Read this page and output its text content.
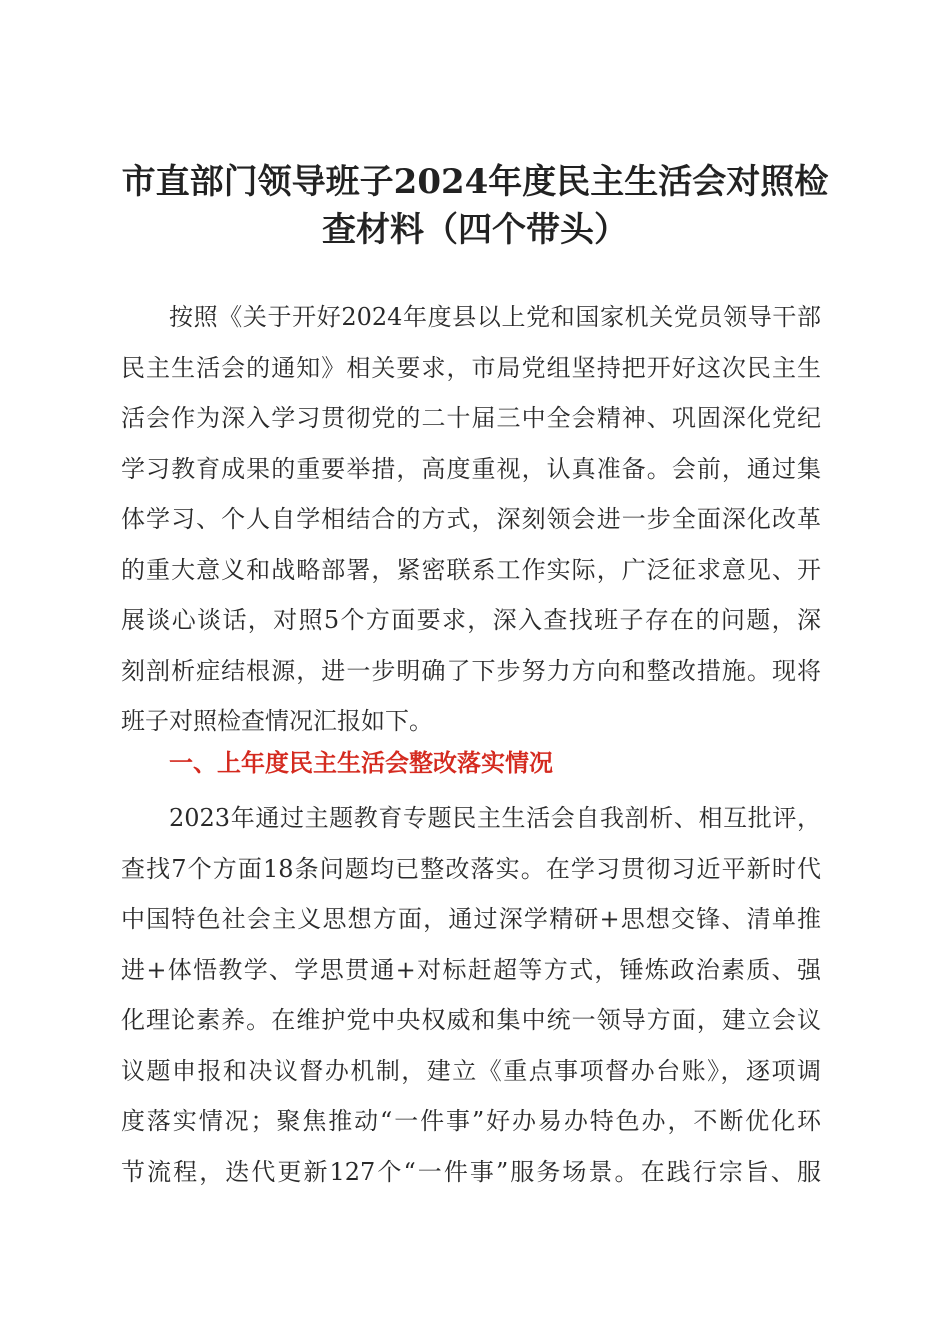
市直部门领导班子2024年度民主生活会对照检
查材料（四个带头）
按照《关于开好2024年度县以上党和国家机关党员领导干部
民主生活会的通知》相关要求，市局党组坚持把开好这次民主生
活会作为深入学习贯彻党的二十届三中全会精神、巩固深化党纪
学习教育成果的重要举措，高度重视，认真准备。会前，通过集
体学习、个人自学相结合的方式，深刻领会进一步全面深化改革
的重大意义和战略部署，紧密联系工作实际，广泛征求意见、开
展谈心谈话，对照5个方面要求，深入查找班子存在的问题，深
刻剖析症结根源，进一步明确了下步努力方向和整改措施。现将
班子对照检查情况汇报如下。
一、上年度民主生活会整改落实情况
2023年通过主题教育专题民主生活会自我剖析、相互批评，
查找7个方面18条问题均已整改落实。在学习贯彻习近平新时代
中国特色社会主义思想方面，通过深学精研+思想交锋、清单推
进+体悟教学、学思贯通+对标赶超等方式，锤炼政治素质、强
化理论素养。在维护党中央权威和集中统一领导方面，建立会议
议题申报和决议督办机制，建立《重点事项督办台账》，逐项调
度落实情况；聚焦推动“一件事”好办易办特色办，不断优化环
节流程，迭代更新127个“一件事”服务场景。在践行宗旨、服
